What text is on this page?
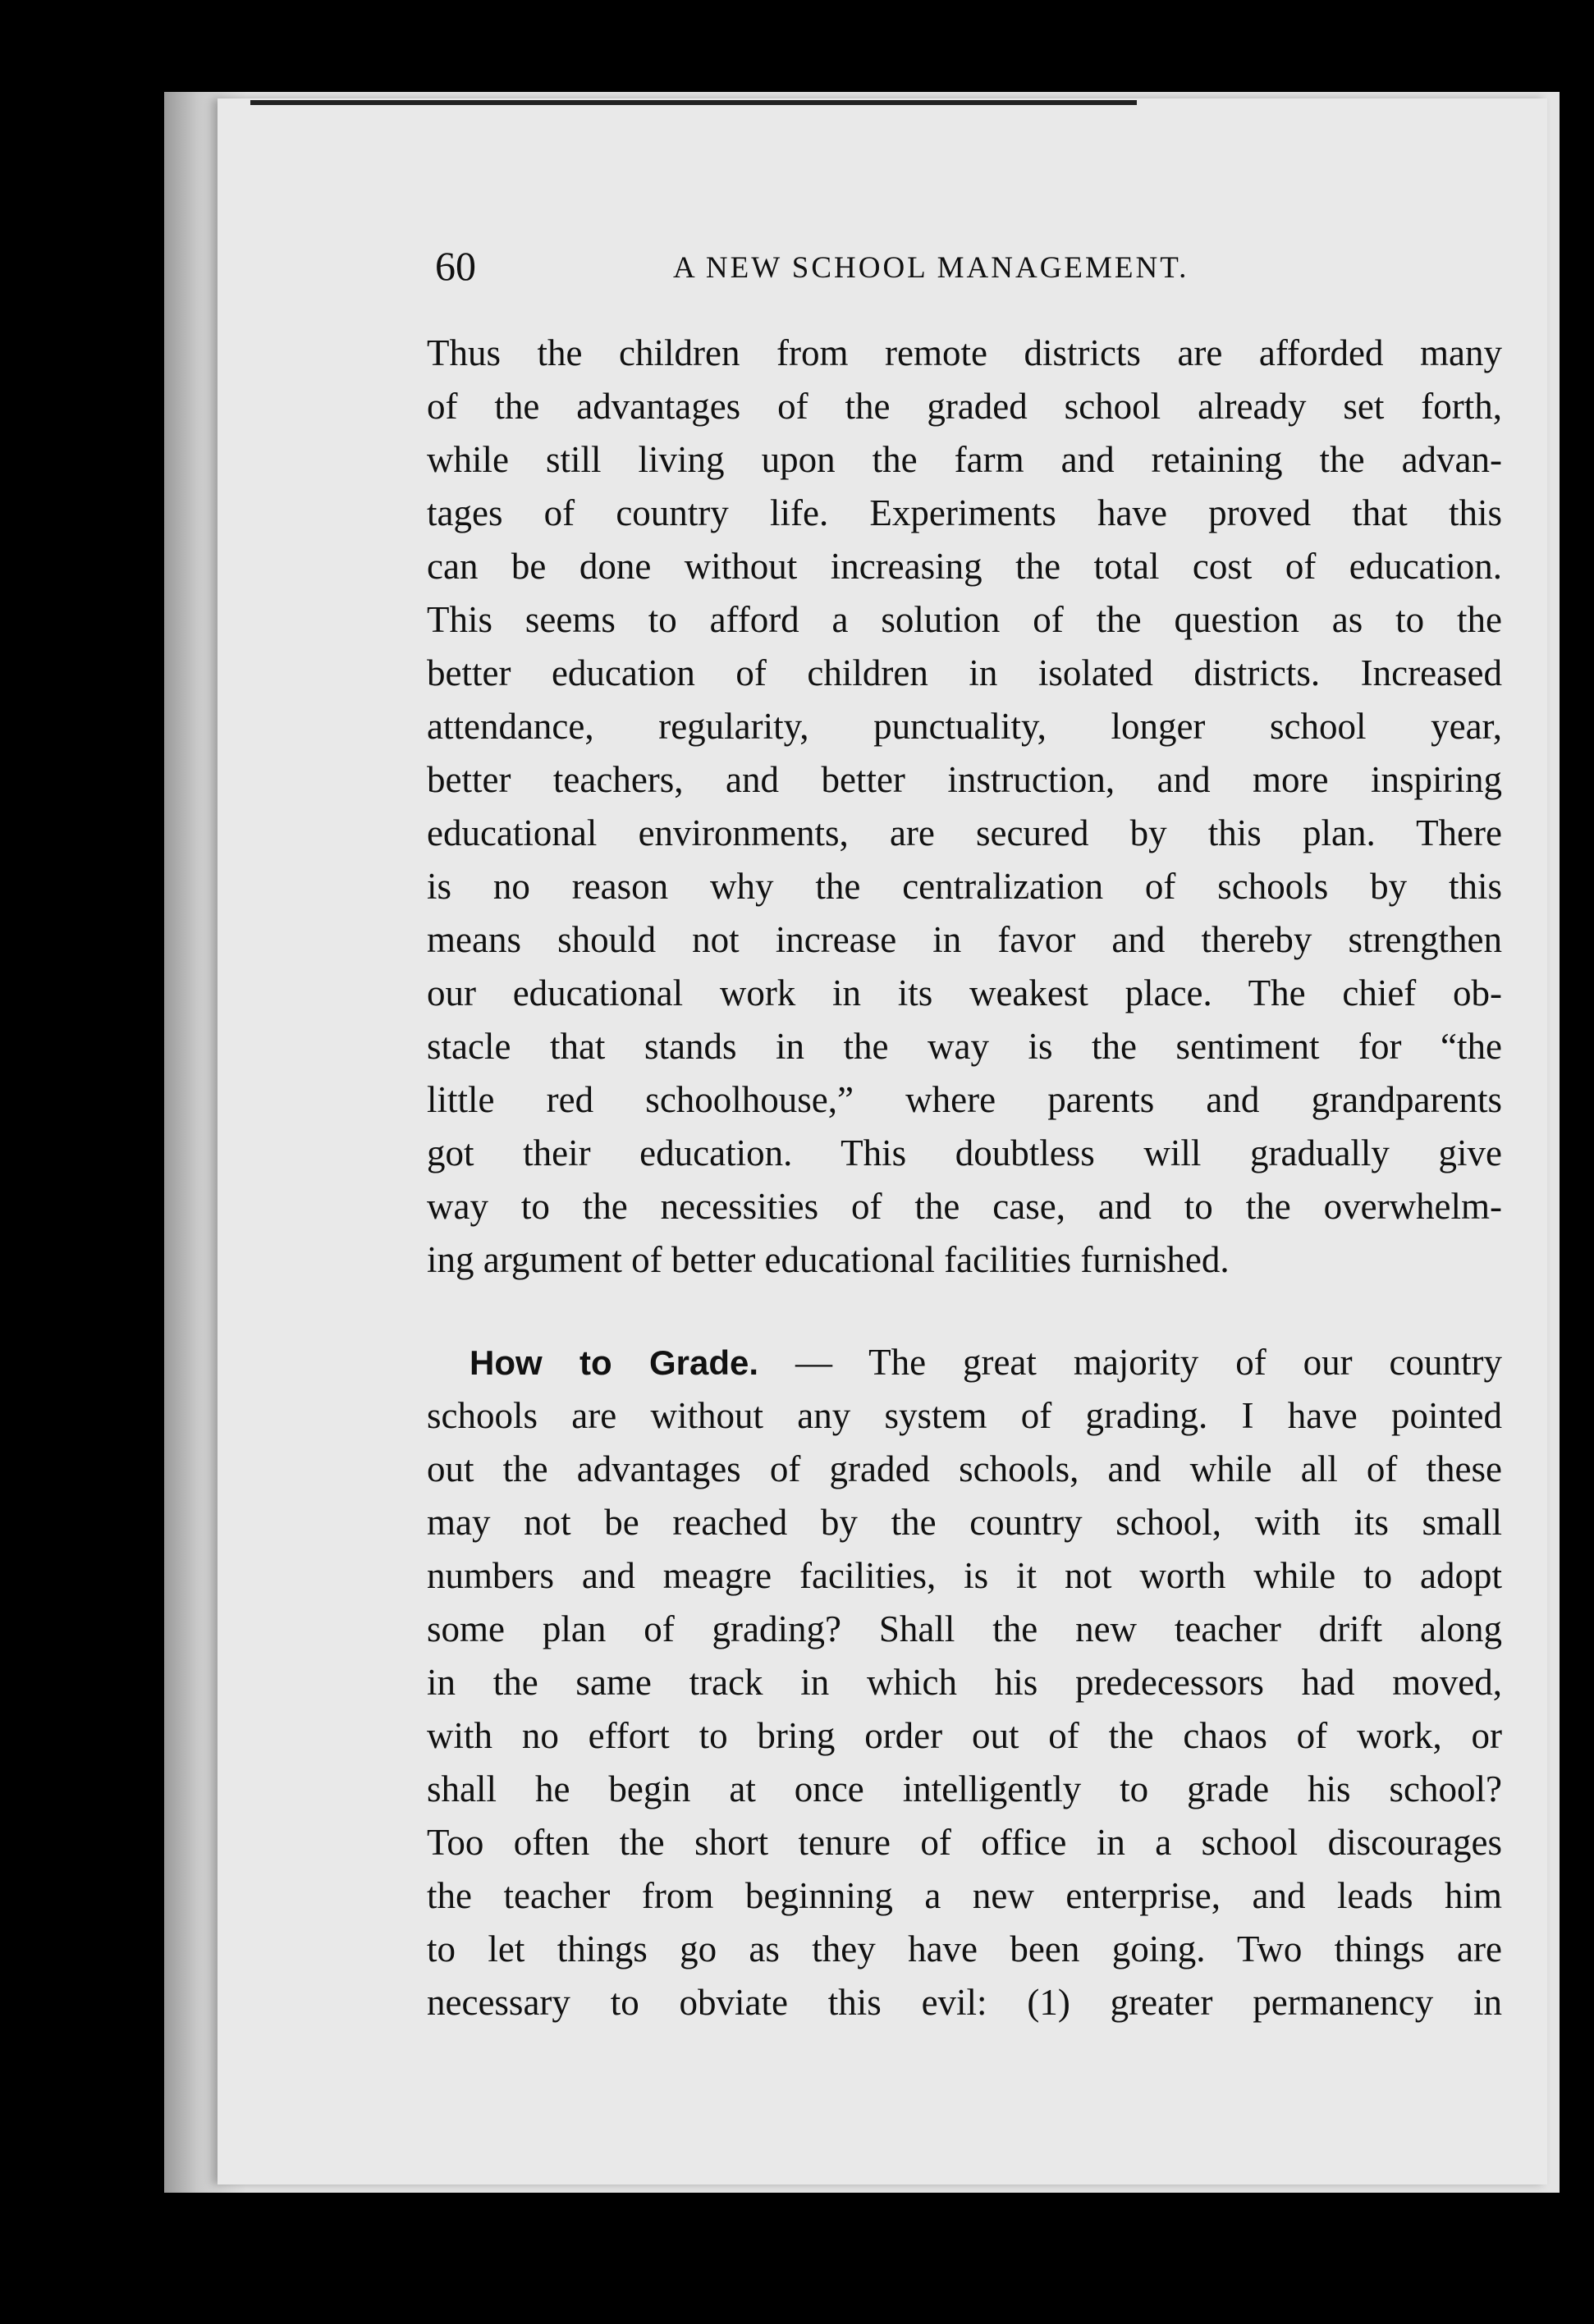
60	A NEW SCHOOL MANAGEMENT.
Thus the children from remote districts are afforded many
of the advantages of the graded school already set forth,
while still living upon the farm and retaining the advan-
tages of country life. Experiments have proved that this
can be done without increasing the total cost of education.
This seems to afford a solution of the question as to the
better education of children in isolated districts. Increased
attendance, regularity, punctuality, longer school year,
better teachers, and better instruction, and more inspiring
educational environments, are secured by this plan. There
is no reason why the centralization of schools by this
means should not increase in favor and thereby strengthen
our educational work in its weakest place. The chief ob-
stacle that stands in the way is the sentiment for “the
little red schoolhouse,” where parents and grandparents
got their education. This doubtless will gradually give
way to the necessities of the case, and to the overwhelm-
ing argument of better educational facilities furnished.
How to Grade. — The great majority of our country
schools are without any system of grading. I have pointed
out the advantages of graded schools, and while all of these
may not be reached by the country school, with its small
numbers and meagre facilities, is it not worth while to adopt
some plan of grading? Shall the new teacher drift along
in the same track in which his predecessors had moved,
with no effort to bring order out of the chaos of work, or
shall he begin at once intelligently to grade his school?
Too often the short tenure of office in a school discourages
the teacher from beginning a new enterprise, and leads him
to let things go as they have been going. Two things are
necessary to obviate this evil: (1) greater permanency in
